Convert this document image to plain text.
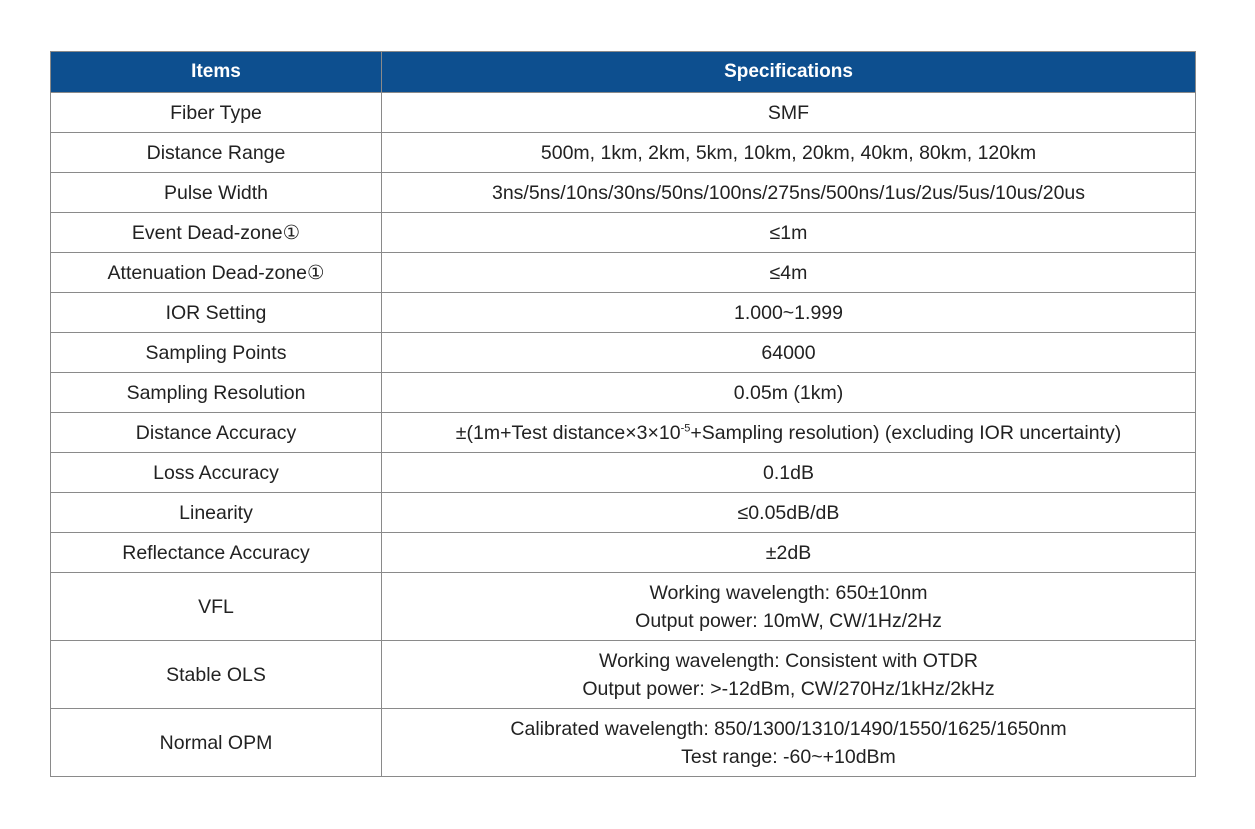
Items	Specifications
Fiber Type	SMF
Distance Range	500m, 1km, 2km, 5km, 10km, 20km, 40km, 80km, 120km
Pulse Width	3ns/5ns/10ns/30ns/50ns/100ns/275ns/500ns/1us/2us/5us/10us/20us
Event Dead-zone①	≤1m
Attenuation Dead-zone①	≤4m
IOR Setting	1.000~1.999
Sampling Points	64000
Sampling Resolution	0.05m (1km)
Distance Accuracy	±(1m+Test $distance\times 3\times 10^{-5}+Sampling$ resolution) (excluding IOR uncertainty)
Loss Accuracy	0.1dB
Linearity	≤0.05dB/dB
Reflectance Accuracy	±2dB
VFL	Working wavelength: 650±10nm
Output power: 10mW, CW/1Hz/2Hz

Stable OLS	Working wavelength: Consistent with OTDR
Output power: >-12dBm, CW/270Hz/1kHz/2kHz

Normal OPM	Calibrated wavelength: 850/1300/1310/1490/1550/1625/1650nm
Test range: -60~+10dBm
